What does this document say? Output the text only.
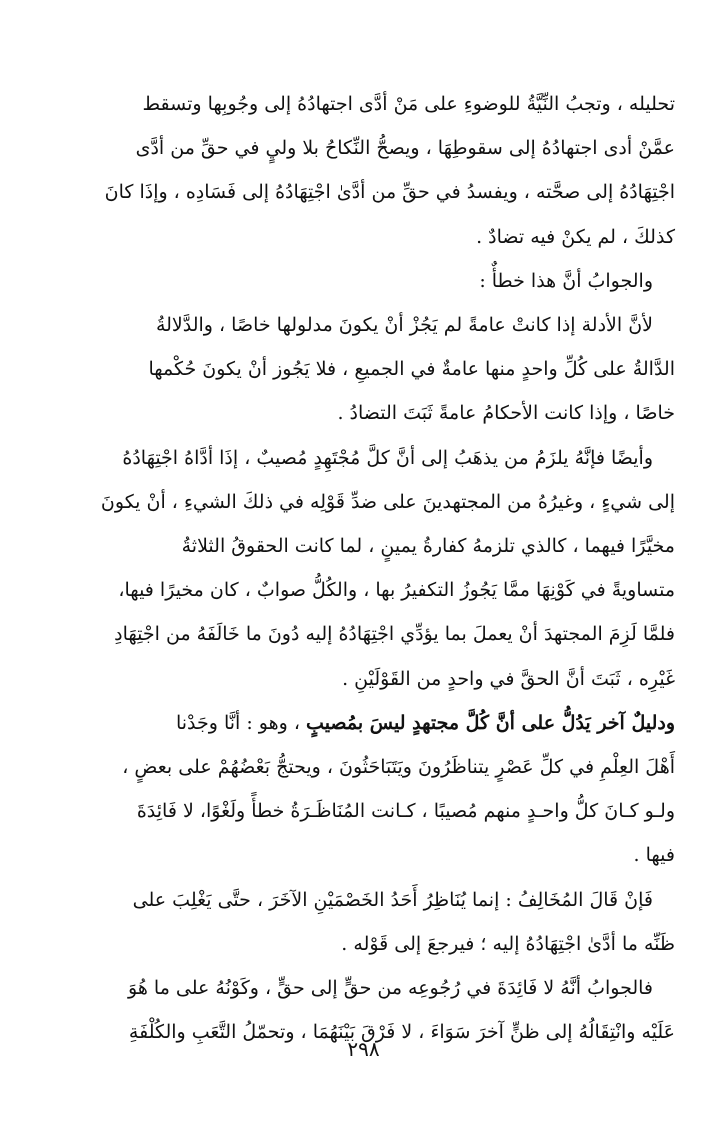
تحليله ، وتجبُ النِّيَّةُ للوضوءِ على مَنْ أدَّى اجتهادُهُ إلى وجُوبِها وتسقط
عمَّنْ أدى اجتهادُهُ إلى سقوطِهَا ، ويصحُّ النِّكاحُ بلا وليٍ في حقِّ من أدَّى
اجْتِهَادُهُ إلى صحَّته ، ويفسدُ في حقِّ من أدَّىٰ اجْتِهَادُهُ إلى فَسَادِه ، وإذَا كانَ
كذلكَ ، لم يكنْ فيه تضادٌ .

والجوابُ أنَّ هذا خطأٌ :

لأنَّ الأدلة إذا كانتْ عامةً لم يَجُزْ أنْ يكونَ مدلولها خاصًا ، والدَّلالةُ
الدَّالةُ على كُلِّ واحدٍ منها عامةٌ في الجميعِ ، فلا يَجُوز أنْ يكونَ حُكْمها
خاصًا ، وإذا كانت الأحكامُ عامةً ثَبَتَ التضادُ .

وأيضًا فإنَّهُ يلزَمُ من يذهَبُ إلى أنَّ كلَّ مُجْتَهِدٍ مُصيبٌ ، إذَا أدَّاهُ اجْتِهَادُهُ
إلى شيءٍ ، وغيرُهُ من المجتهدينَ على ضدِّ قَوْلِه في ذلكَ الشيءِ ، أنْ يكونَ
مخيَّرًا فيهما ، كالذي تلزمهُ كفارةُ يمينٍ ، لما كانت الحقوقُ الثلاثةُ
متساويةً في كَوْنِهَا ممَّا يَجُوزُ التكفيرُ بها ، والكُلُّ صوابٌ ، كان مخيرًا فيها،
فلمَّا لَزِمَ المجتهدَ أنْ يعملَ بما يؤدِّي اجْتِهَادُهُ إليه دُونَ ما خَالَفَهُ من اجْتِهَادِ
غَيْرِه ، ثَبَتَ أنَّ الحقَّ في واحدٍ من القَوْلَيْنِ .

ودليلٌ آخر يَدُلُّ على أنَّ كُلَّ مجتهدٍ ليسَ بمُصيبٍ ، وهو : أنَّا وجَدْنا
أَهْلَ العِلْمِ في كلِّ عَصْرٍ يتناظَرُونَ ويَتَبَاحَثُونَ ، ويحتجُّ بَعْضُهُمْ على بعضٍ ،
ولـو كـانَ كلُّ واحـدٍ منهم مُصيبًا ، كـانت المُنَاظَـرَةُ خطأً ولَغْوًا، لا فَائِدَةَ
فيها .

فَإنْ قَالَ المُخَالِفُ : إنما يُنَاظِرُ أَحَدُ الخَصْمَيْنِ الآخَرَ ، حتَّى يَغْلِبَ على
ظَنِّه ما أدَّىٰ اجْتِهَادُهُ إليه ؛ فيرجعَ إلى قَوْله .

فالجوابُ أنَّهُ لا فَائِدَةَ في رُجُوعِه من حقٍّ إلى حقٍّ ، وكَوْنُهُ على ما هُوَ
عَلَيْه وانْتِقَالُهُ إلى ظنٍّ آخرَ سَوَاءَ ، لا فَرْقَ بَيْنَهُمَا ، وتحمّلُ التَّعَبِ والكُلْفَةِ

٢٩٨
